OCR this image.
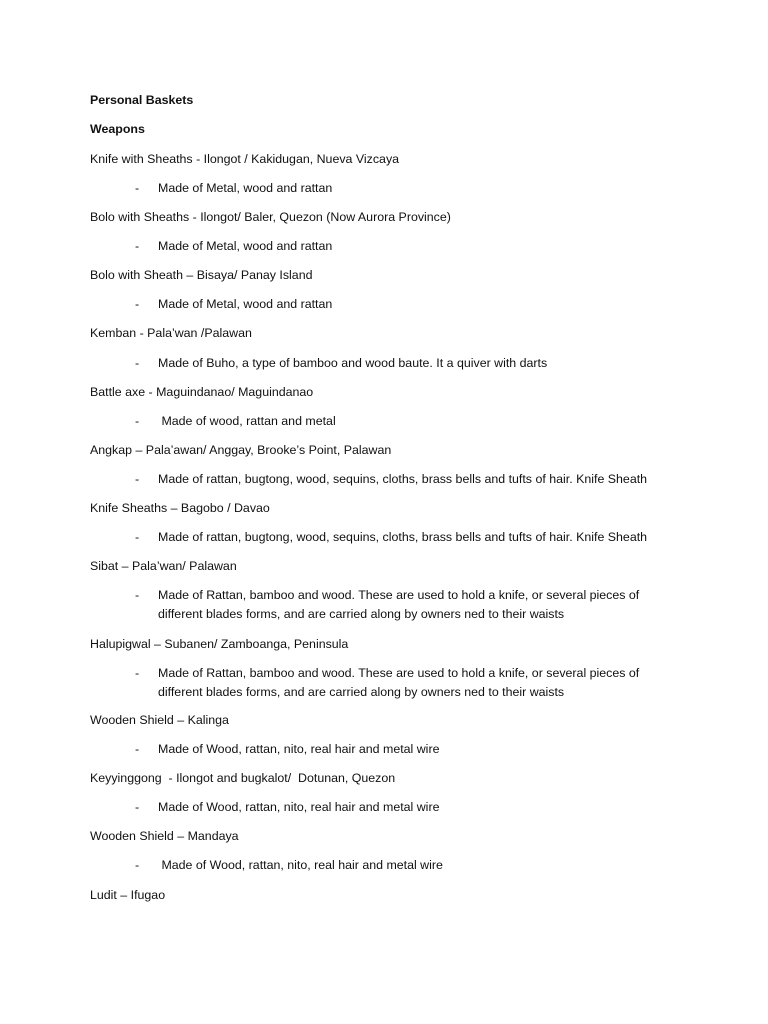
Personal Baskets
Weapons
Knife with Sheaths - Ilongot / Kakidugan, Nueva Vizcaya
- Made of Metal, wood and rattan
Bolo with Sheaths - Ilongot/ Baler, Quezon (Now Aurora Province)
- Made of Metal, wood and rattan
Bolo with Sheath – Bisaya/ Panay Island
- Made of Metal, wood and rattan
Kemban - Pala’wan /Palawan
- Made of Buho, a type of bamboo and wood baute. It a quiver with darts
Battle axe - Maguindanao/ Maguindanao
- Made of wood, rattan and metal
Angkap – Pala’awan/ Anggay, Brooke’s Point, Palawan
- Made of rattan, bugtong, wood, sequins, cloths, brass bells and tufts of hair. Knife Sheath
Knife Sheaths – Bagobo / Davao
- Made of rattan, bugtong, wood, sequins, cloths, brass bells and tufts of hair. Knife Sheath
Sibat – Pala’wan/ Palawan
- Made of Rattan, bamboo and wood. These are used to hold a knife, or several pieces of different blades forms, and are carried along by owners ned to their waists
Halupigwal – Subanen/ Zamboanga, Peninsula
- Made of Rattan, bamboo and wood. These are used to hold a knife, or several pieces of different blades forms, and are carried along by owners ned to their waists
Wooden Shield – Kalinga
- Made of Wood, rattan, nito, real hair and metal wire
Keyyinggong  - Ilongot and bugkalot/  Dotunan, Quezon
- Made of Wood, rattan, nito, real hair and metal wire
Wooden Shield – Mandaya
- Made of Wood, rattan, nito, real hair and metal wire
Ludit – Ifugao
